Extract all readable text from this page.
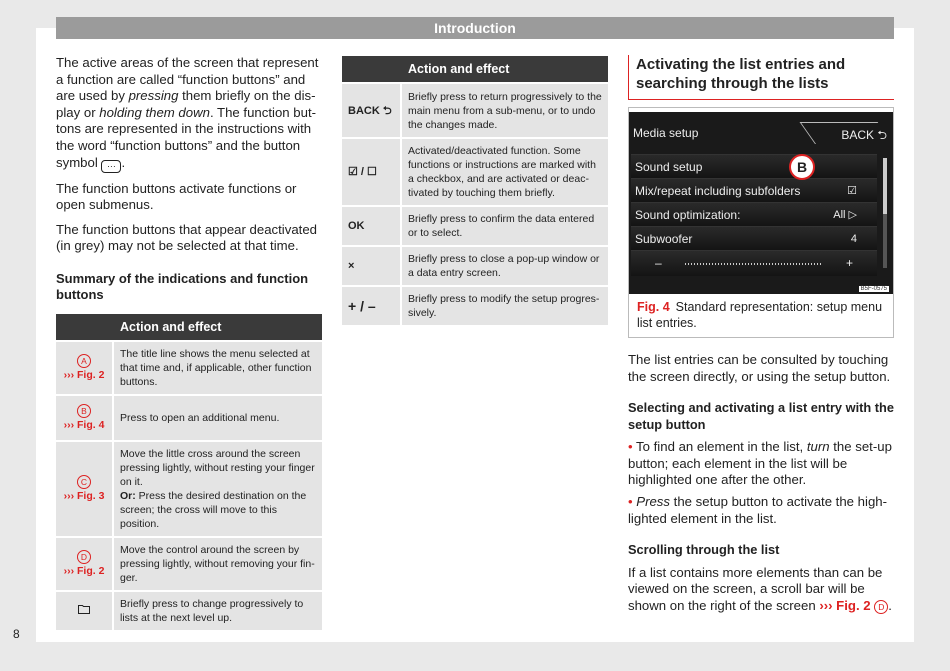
Introduction

The active areas of the screen that represent a function are called “function buttons” and are used by pressing them briefly on the dis-play or holding them down. The function but-tons are represented in the instructions with the word “function buttons” and the button symbol ··· .

The function buttons activate functions or open submenus.

The function buttons that appear deactivated (in grey) may not be selected at that time.

Summary of the indications and function buttons
	Action and effect
A
››› Fig. 2	The title line shows the menu selected at that time and, if applicable, other function buttons.
B
››› Fig. 4	Press to open an additional menu.
C
››› Fig. 3	Move the little cross around the screen pressing lightly, without resting your finger on it.
Or: Press the desired destination on the screen; the cross will move to this position.
D
››› Fig. 2	Move the control around the screen by pressing lightly, without removing your fin-ger.
	Briefly press to change progressively to lists at the next level up.
	Action and effect
BACK ⮌	Briefly press to return progressively to the main menu from a sub-menu, or to undo the changes made.
☑ / ☐	Activated/deactivated function. Some functions or instructions are marked with a checkbox, and are activated or deac-tivated by touching them briefly.
OK	Briefly press to confirm the data entered or to select.
×	Briefly press to close a pop-up window or a data entry screen.
+ / –	Briefly press to modify the setup progres-sively.
Activating the list entries and searching through the lists
Media setup	BACK ⮌
Sound setup
Mix/repeat including subfolders	☑
Sound optimization:	All ▷
Subwoofer	4
–	+
B
B5F-0575
Fig. 4 Standard representation: setup menu list entries.

The list entries can be consulted by touching the screen directly, or using the setup button.

Selecting and activating a list entry with the setup button
• To find an element in the list, turn the set-up button; each element in the list will be highlighted one after the other.
• Press the setup button to activate the high-lighted element in the list.
Scrolling through the list

If a list contains more elements than can be viewed on the screen, a scroll bar will be shown on the right of the screen ››› Fig. 2 D .

8
